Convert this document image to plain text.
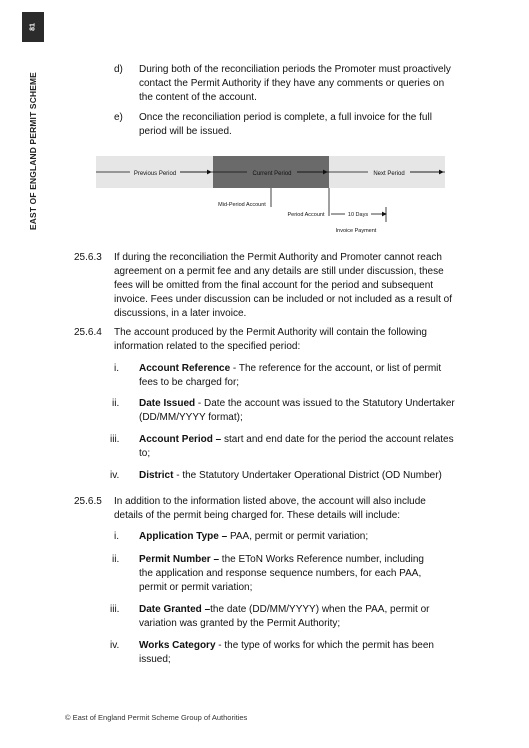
81
EAST OF ENGLAND PERMIT SCHEME
d) During both of the reconciliation periods the Promoter must proactively contact the Permit Authority if they have any comments or queries on the content of the account.
e) Once the reconciliation period is complete, a full invoice for the full period will be issued.
Previous Period	Current Period	Next Period
Mid-Period Account
Period Account	10 Days
Invoice Payment
25.6.3 If during the reconciliation the Permit Authority and Promoter cannot reach agreement on a permit fee and any details are still under discussion, these fees will be omitted from the final account for the period and subsequent invoice. Fees under discussion can be included or not included as a result of discussions, in a later invoice.
25.6.4 The account produced by the Permit Authority will contain the following information related to the specified period:
i. Account Reference - The reference for the account, or list of permit fees to be charged for;
ii. Date Issued - Date the account was issued to the Statutory Undertaker (DD/MM/YYYY format);
iii. Account Period – start and end date for the period the account relates to;
iv. District - the Statutory Undertaker Operational District (OD Number)
25.6.5 In addition to the information listed above, the account will also include details of the permit being charged for. These details will include:
i. Application Type – PAA, permit or permit variation;
ii. Permit Number – the EToN Works Reference number, including the application and response sequence numbers, for each PAA, permit or permit variation;
iii. Date Granted –the date (DD/MM/YYYY) when the PAA, permit or variation was granted by the Permit Authority;
iv. Works Category - the type of works for which the permit has been issued;
© East of England Permit Scheme Group of Authorities
